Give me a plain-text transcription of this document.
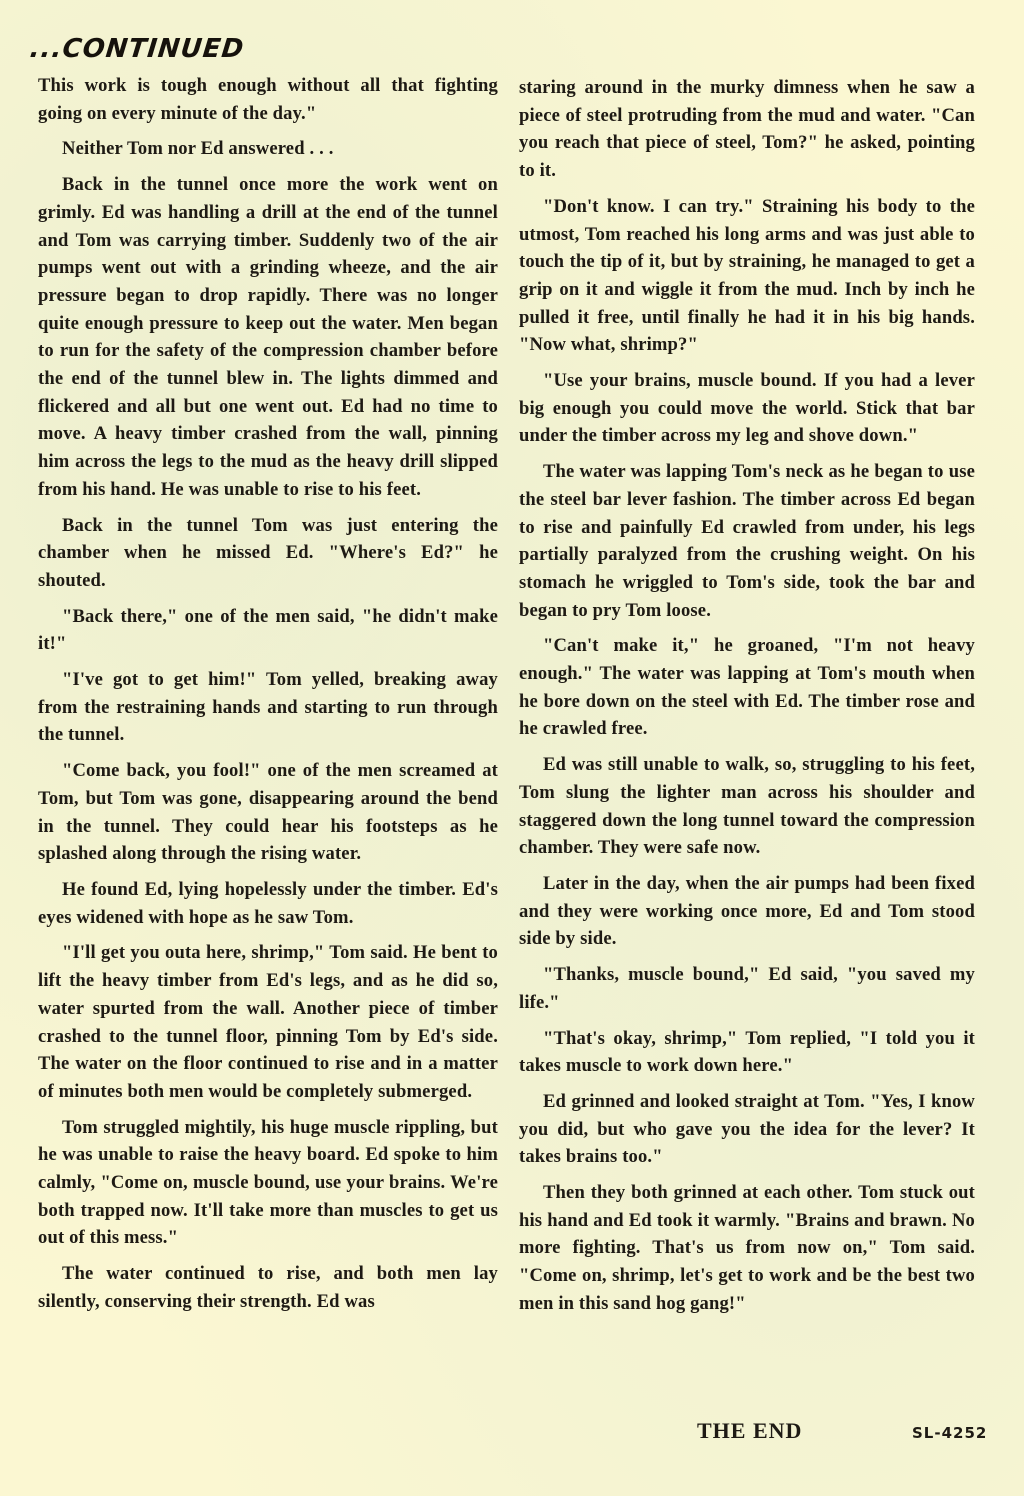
...CONTINUED

This work is tough enough without all that fighting going on every minute of the day."

Neither Tom nor Ed answered . . .

Back in the tunnel once more the work went on grimly. Ed was handling a drill at the end of the tunnel and Tom was carrying timber. Suddenly two of the air pumps went out with a grinding wheeze, and the air pressure began to drop rapidly. There was no longer quite enough pressure to keep out the water. Men began to run for the safety of the compression chamber before the end of the tunnel blew in. The lights dimmed and flickered and all but one went out. Ed had no time to move. A heavy timber crashed from the wall, pinning him across the legs to the mud as the heavy drill slipped from his hand. He was unable to rise to his feet.

Back in the tunnel Tom was just entering the chamber when he missed Ed. "Where's Ed?" he shouted.

"Back there," one of the men said, "he didn't make it!"

"I've got to get him!" Tom yelled, breaking away from the restraining hands and starting to run through the tunnel.

"Come back, you fool!" one of the men screamed at Tom, but Tom was gone, disappearing around the bend in the tunnel. They could hear his footsteps as he splashed along through the rising water.

He found Ed, lying hopelessly under the timber. Ed's eyes widened with hope as he saw Tom.

"I'll get you outa here, shrimp," Tom said. He bent to lift the heavy timber from Ed's legs, and as he did so, water spurted from the wall. Another piece of timber crashed to the tunnel floor, pinning Tom by Ed's side. The water on the floor continued to rise and in a matter of minutes both men would be completely submerged.

Tom struggled mightily, his huge muscle rippling, but he was unable to raise the heavy board. Ed spoke to him calmly, "Come on, muscle bound, use your brains. We're both trapped now. It'll take more than muscles to get us out of this mess."

The water continued to rise, and both men lay silently, conserving their strength. Ed was

staring around in the murky dimness when he saw a piece of steel protruding from the mud and water. "Can you reach that piece of steel, Tom?" he asked, pointing to it.

"Don't know. I can try." Straining his body to the utmost, Tom reached his long arms and was just able to touch the tip of it, but by straining, he managed to get a grip on it and wiggle it from the mud. Inch by inch he pulled it free, until finally he had it in his big hands. "Now what, shrimp?"

"Use your brains, muscle bound. If you had a lever big enough you could move the world. Stick that bar under the timber across my leg and shove down."

The water was lapping Tom's neck as he began to use the steel bar lever fashion. The timber across Ed began to rise and painfully Ed crawled from under, his legs partially paralyzed from the crushing weight. On his stomach he wriggled to Tom's side, took the bar and began to pry Tom loose.

"Can't make it," he groaned, "I'm not heavy enough." The water was lapping at Tom's mouth when he bore down on the steel with Ed. The timber rose and he crawled free.

Ed was still unable to walk, so, struggling to his feet, Tom slung the lighter man across his shoulder and staggered down the long tunnel toward the compression chamber. They were safe now.

Later in the day, when the air pumps had been fixed and they were working once more, Ed and Tom stood side by side.

"Thanks, muscle bound," Ed said, "you saved my life."

"That's okay, shrimp," Tom replied, "I told you it takes muscle to work down here."

Ed grinned and looked straight at Tom. "Yes, I know you did, but who gave you the idea for the lever? It takes brains too."

Then they both grinned at each other. Tom stuck out his hand and Ed took it warmly. "Brains and brawn. No more fighting. That's us from now on," Tom said. "Come on, shrimp, let's get to work and be the best two men in this sand hog gang!"

THE END	SL-4252
